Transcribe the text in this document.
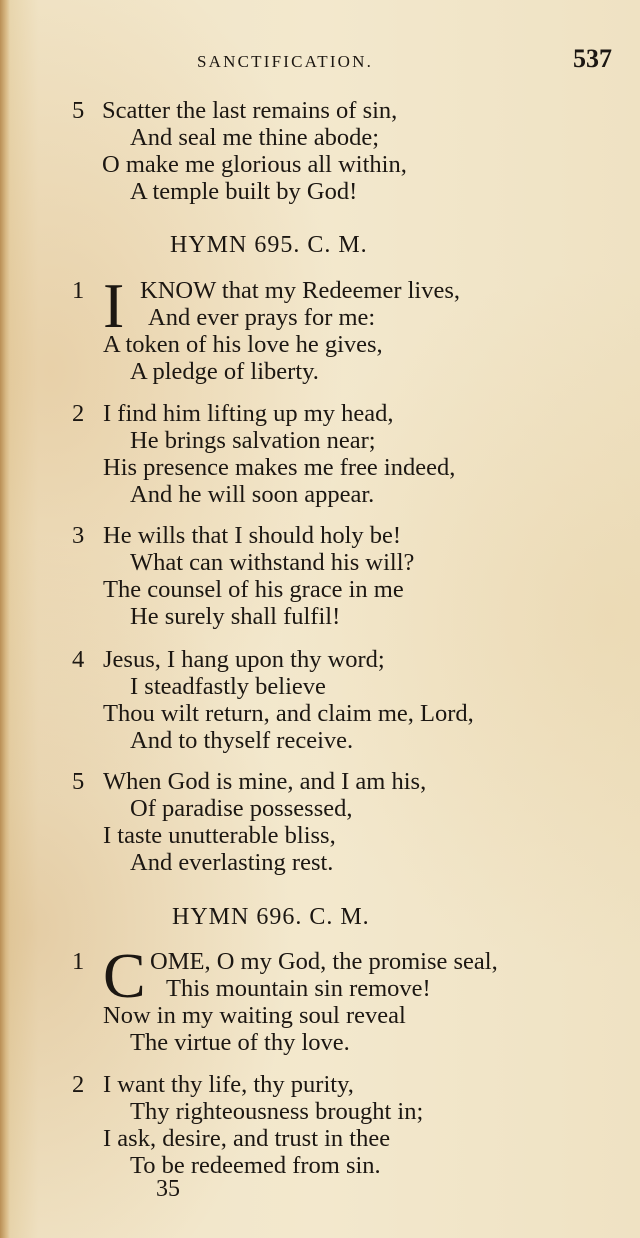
SANCTIFICATION.	537
5 Scatter the last remains of sin,
And seal me thine abode;
O make me glorious all within,
A temple built by God!
HYMN 695. C. M.
1 I KNOW that my Redeemer lives,
And ever prays for me:
A token of his love he gives,
A pledge of liberty.
2 I find him lifting up my head,
He brings salvation near;
His presence makes me free indeed,
And he will soon appear.
3 He wills that I should holy be!
What can withstand his will?
The counsel of his grace in me
He surely shall fulfil!
4 Jesus, I hang upon thy word;
I steadfastly believe
Thou wilt return, and claim me, Lord,
And to thyself receive.
5 When God is mine, and I am his,
Of paradise possessed,
I taste unutterable bliss,
And everlasting rest.
HYMN 696. C. M.
1 C OME, O my God, the promise seal,
This mountain sin remove!
Now in my waiting soul reveal
The virtue of thy love.
2 I want thy life, thy purity,
Thy righteousness brought in;
I ask, desire, and trust in thee
To be redeemed from sin.
35
